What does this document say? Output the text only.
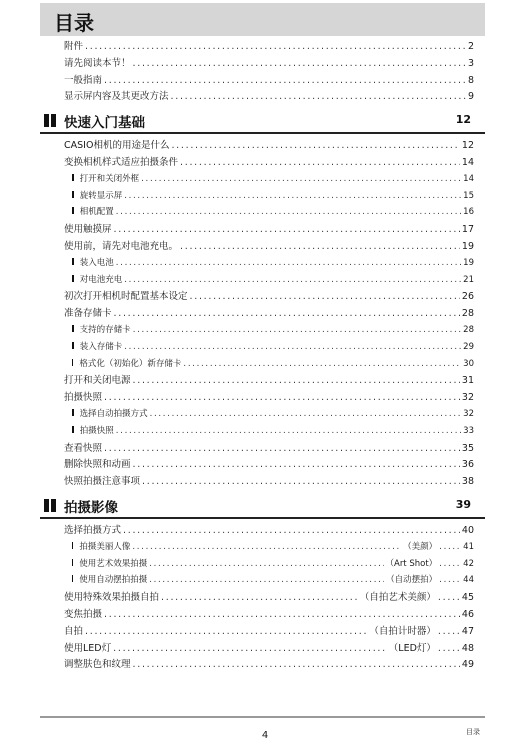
目录
附件 .....	2
请先阅读本节！ .....	3
一般指南 .....	8
显示屏内容及其更改方法 .....	9
快速入门基础	12
CASIO相机的用途是什么 .....	12
变换相机样式适应拍摄条件 .....	14
打开和关闭外框 .....	14
旋转显示屏 .....	15
相机配置 .....	16
使用触摸屏 .....	17
使用前，请先对电池充电。 .....	19
装入电池 .....	19
对电池充电 .....	21
初次打开相机时配置基本设定 .....	26
准备存储卡 .....	28
支持的存储卡 .....	28
装入存储卡 .....	29
格式化（初始化）新存储卡 .....	30
打开和关闭电源 .....	31
拍摄快照 .....	32
选择自动拍摄方式 .....	32
拍摄快照 .....	33
查看快照 .....	35
删除快照和动画 .....	36
快照拍摄注意事项 .....	38
拍摄影像	39
选择拍摄方式 .....	40
拍摄美丽人像 .....	（美颜） .....	41
使用艺术效果拍摄 .....	（Art Shot） .....	42
使用自动摆拍拍摄 .....	（自动摆拍） .....	44
使用特殊效果拍摄自拍 .....	（自拍艺术美颜） .....	45
变焦拍摄 .....	46
自拍 .....	（自拍计时器） .....	47
使用LED灯 .....	（LED灯） .....	48
调整肤色和纹理 .....	49
4	目录
